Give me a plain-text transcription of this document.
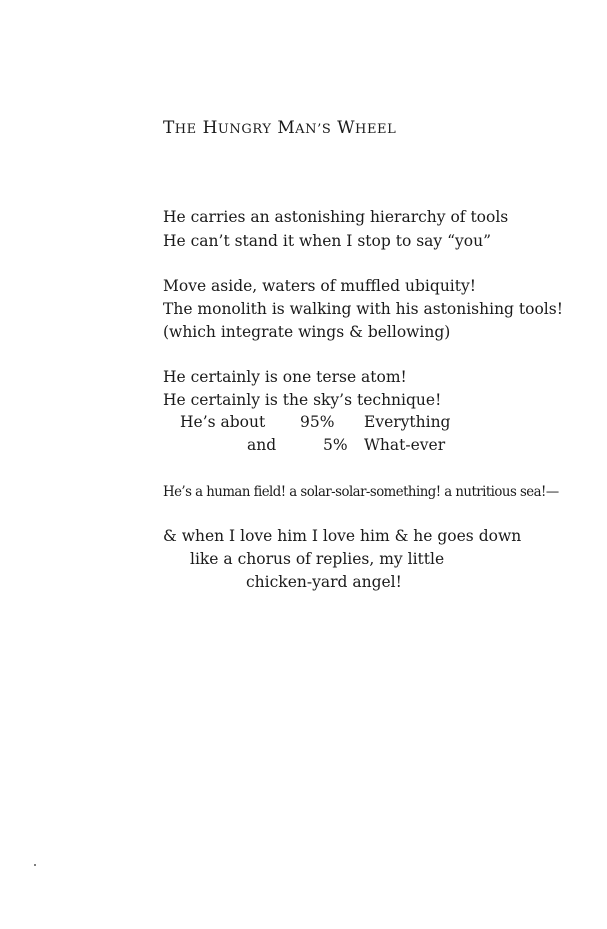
THE HUNGRY MAN’S WHEEL
He carries an astonishing hierarchy of tools
He can’t stand it when I stop to say “you”
Move aside, waters of muffled ubiquity!
The monolith is walking with his astonishing tools!
(which integrate wings & bellowing)
He certainly is one terse atom!
He certainly is the sky’s technique!
He’s about 95% Everything
and	5% What-ever
He’s a human field! a solar-solar-something! a nutritious sea!—
& when I love him I love him & he goes down
like a chorus of replies, my little
chicken-yard angel!
